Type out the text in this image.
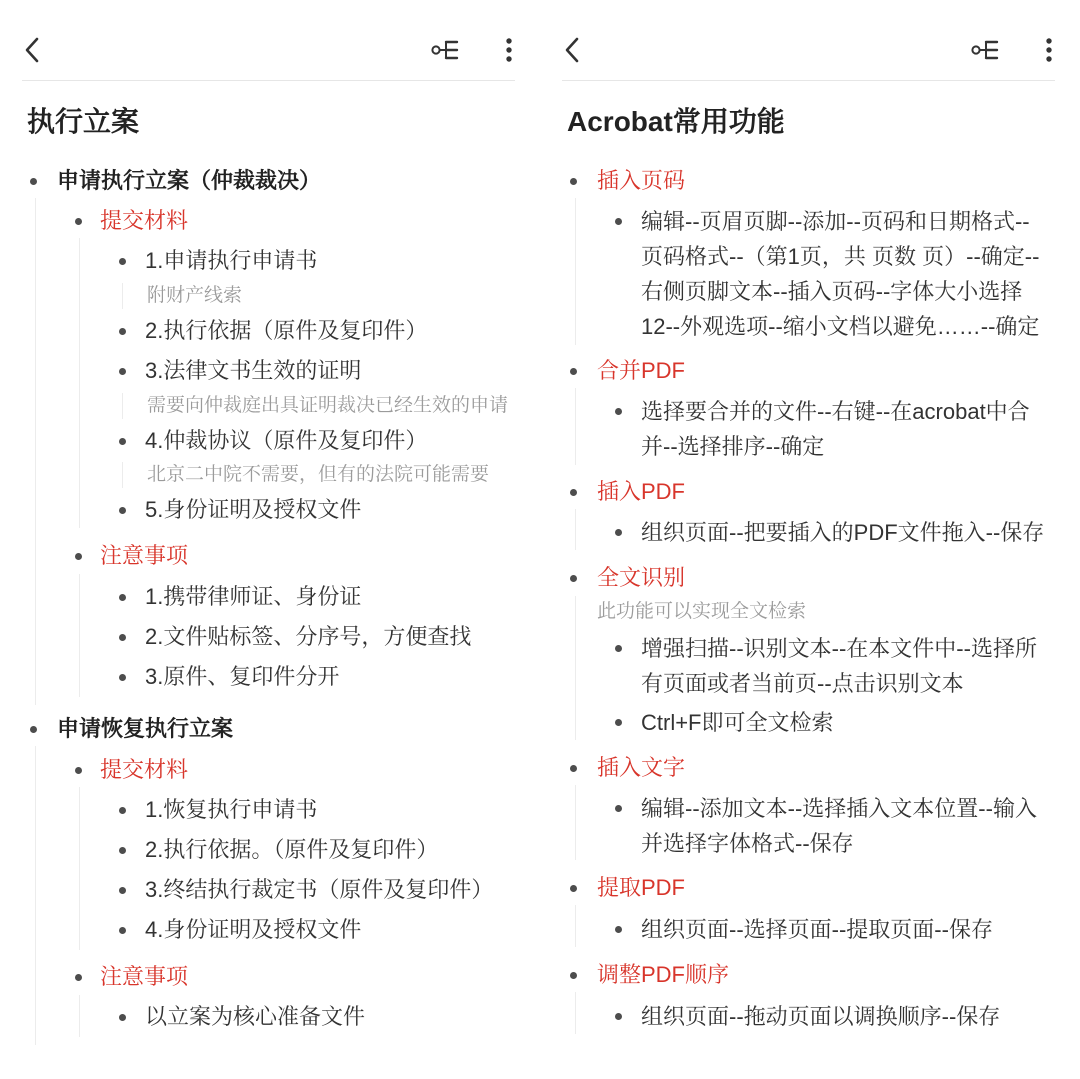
执行立案
申请执行立案（仲裁裁决）
提交材料
1.申请执行申请书
附财产线索
2.执行依据（原件及复印件）
3.法律文书生效的证明
需要向仲裁庭出具证明裁决已经生效的申请
4.仲裁协议（原件及复印件）
北京二中院不需要，但有的法院可能需要
5.身份证明及授权文件
注意事项
1.携带律师证、身份证
2.文件贴标签、分序号，方便查找
3.原件、复印件分开
申请恢复执行立案
提交材料
1.恢复执行申请书
2.执行依据。（原件及复印件）
3.终结执行裁定书（原件及复印件）
4.身份证明及授权文件
注意事项
以立案为核心准备文件
Acrobat常用功能
插入页码
编辑--页眉页脚--添加--页码和日期格式--
页码格式--（第1页，共 页数 页）--确定--
右侧页脚文本--插入页码--字体大小选择
12--外观选项--缩小文档以避免……--确定
合并PDF
选择要合并的文件--右键--在acrobat中合
并--选择排序--确定
插入PDF
组织页面--把要插入的PDF文件拖入--保存
全文识别
此功能可以实现全文检索
增强扫描--识别文本--在本文件中--选择所
有页面或者当前页--点击识别文本
Ctrl+F即可全文检索
插入文字
编辑--添加文本--选择插入文本位置--输入
并选择字体格式--保存
提取PDF
组织页面--选择页面--提取页面--保存
调整PDF顺序
组织页面--拖动页面以调换顺序--保存
